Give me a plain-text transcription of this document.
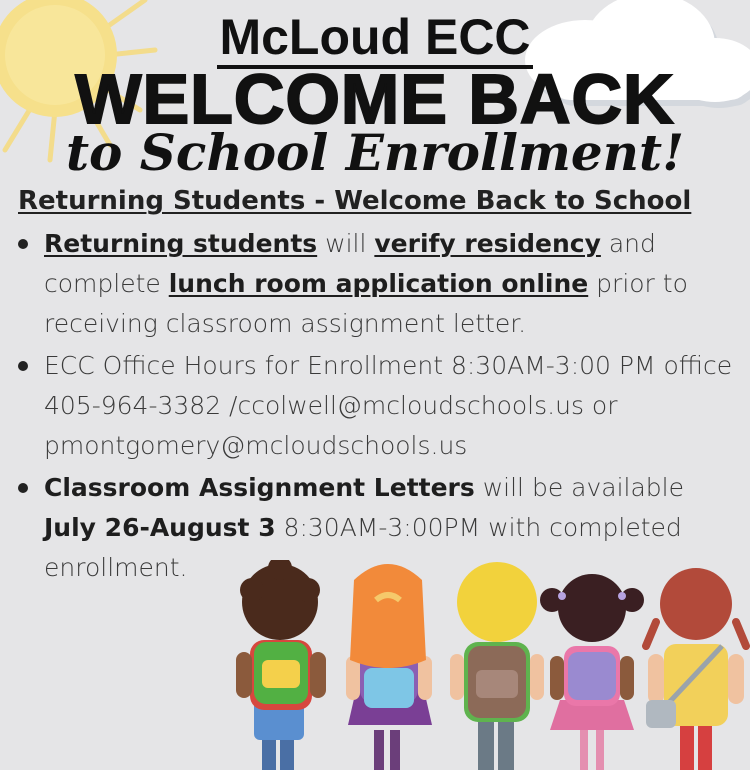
McLoud ECC
WELCOME BACK
to School Enrollment!
Returning Students - Welcome Back to School
Returning students will verify residency and complete lunch room application online prior to receiving classroom assignment letter.
ECC Office Hours for Enrollment 8:30AM-3:00 PM office 405-964-3382 /ccolwell@mcloudschools.us or pmontgomery@mcloudschools.us
Classroom Assignment Letters will be available July 26-August 3 8:30AM-3:00PM with completed enrollment.
